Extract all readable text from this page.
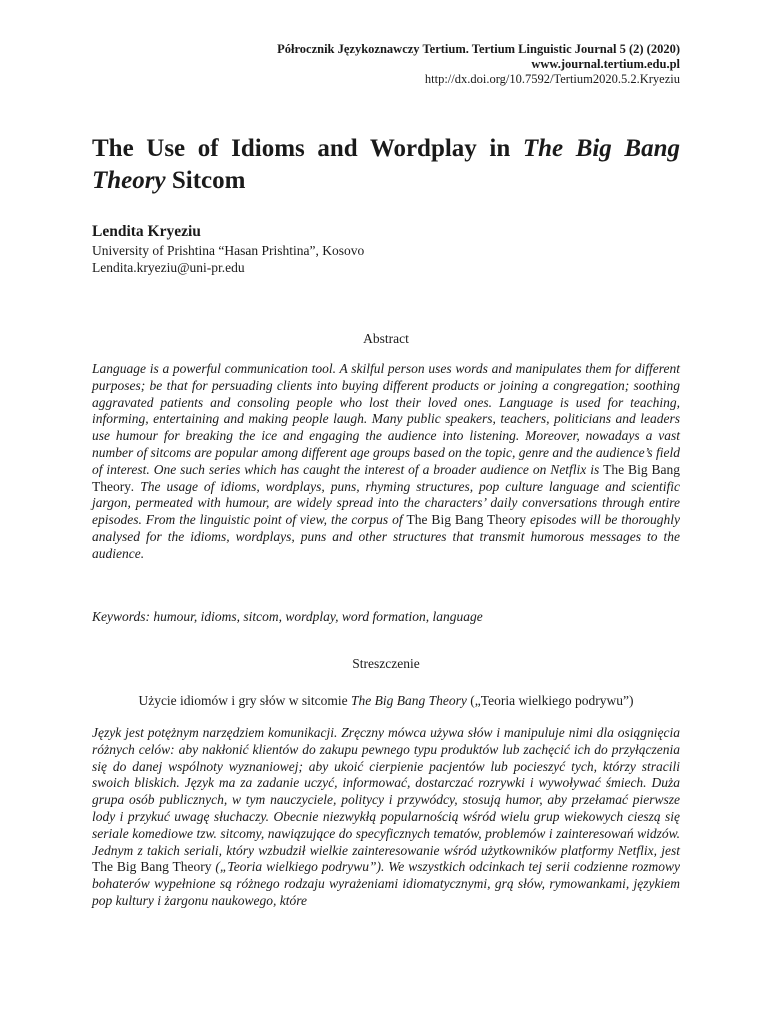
Półrocznik Językoznawczy Tertium. Tertium Linguistic Journal 5 (2) (2020)
www.journal.tertium.edu.pl
http://dx.doi.org/10.7592/Tertium2020.5.2.Kryeziu
The Use of Idioms and Wordplay in The Big Bang Theory Sitcom
Lendita Kryeziu
University of Prishtina “Hasan Prishtina”, Kosovo
Lendita.kryeziu@uni-pr.edu
Abstract

Language is a powerful communication tool. A skilful person uses words and manipulates them for different purposes; be that for persuading clients into buying different products or joining a congregation; soothing aggravated patients and consoling people who lost their loved ones. Language is used for teaching, informing, entertaining and making people laugh. Many public speakers, teachers, politicians and leaders use humour for breaking the ice and engaging the audience into listening. Moreover, nowadays a vast number of sitcoms are popular among different age groups based on the topic, genre and the audience’s field of interest. One such series which has caught the interest of a broader audience on Netflix is The Big Bang Theory. The usage of idioms, wordplays, puns, rhyming structures, pop culture language and scientific jargon, permeated with humour, are widely spread into the characters’ daily conversations through entire episodes. From the linguistic point of view, the corpus of The Big Bang Theory episodes will be thoroughly analysed for the idioms, wordplays, puns and other structures that transmit humorous messages to the audience.

Keywords: humour, idioms, sitcom, wordplay, word formation, language
Streszczenie
Użycie idiomów i gry słów w sitcomie The Big Bang Theory („Teoria wielkiego podrywu”)

Język jest potężnym narzędziem komunikacji. Zręczny mówca używa słów i manipuluje nimi dla osiągnięcia różnych celów: aby nakłonić klientów do zakupu pewnego typu produktów lub zachęcić ich do przyłączenia się do danej wspólnoty wyznaniowej; aby ukoić cierpienie pacjentów lub pocieszyć tych, którzy stracili swoich bliskich. Język ma za zadanie uczyć, informować, dostarczać rozrywki i wywoływać śmiech. Duża grupa osób publicznych, w tym nauczyciele, politycy i przywódcy, stosują humor, aby przełamać pierwsze lody i przykuć uwagę słuchaczy. Obecnie niezwykłą popularnością wśród wielu grup wiekowych cieszą się seriale komediowe tzw. sitcomy, nawiązujące do specyficznych tematów, problemów i zainteresowań widzów. Jednym z takich seriali, który wzbudził wielkie zainteresowanie wśród użytkowników platformy Netflix, jest The Big Bang Theory („Teoria wielkiego podrywu”). We wszystkich odcinkach tej serii codzienne rozmowy bohaterów wypełnione są różnego rodzaju wyrażeniami idiomatycznymi, grą słów, rymowankami, językiem pop kultury i żargonu naukowego, które
